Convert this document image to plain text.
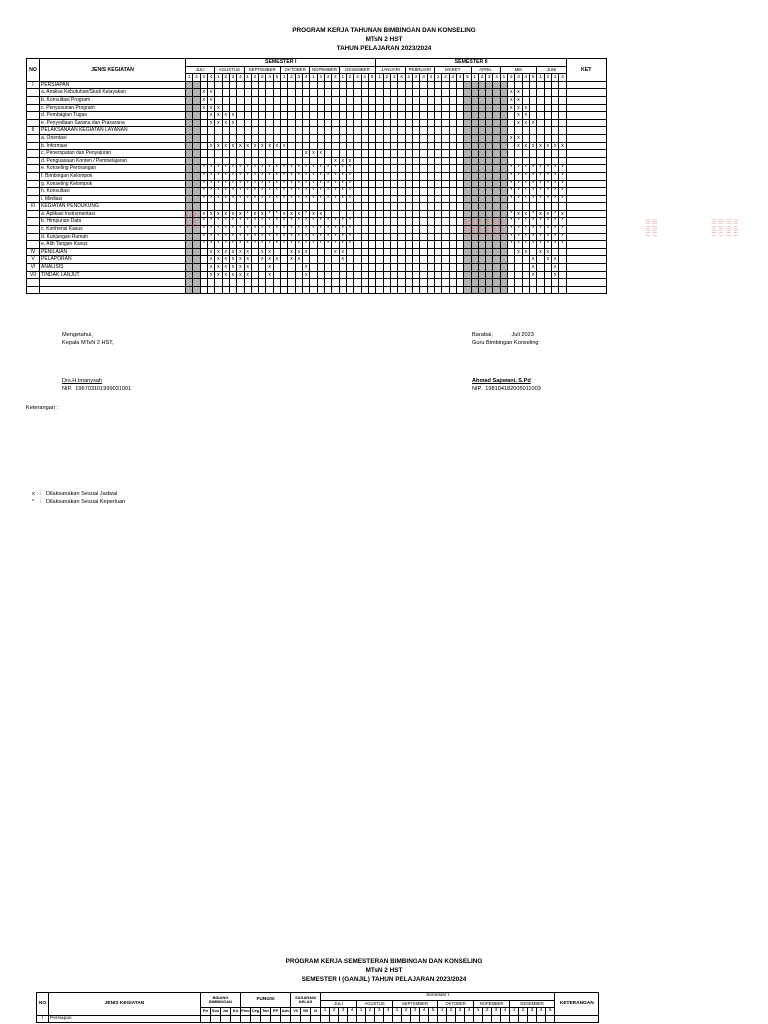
PROGRAM KERJA TAHUNAN BIMBINGAN DAN KONSELING
MTsN 2 HST
TAHUN PELAJARAN 2023/2024
NO	JENIS KEGIATAN	SEMESTER I																										SEMESTER II																										KET
		JULI				AGUSTUS				SEPTEMBER					OKTOBER				NOPEMBER				DESEMBER					JANUARI				PEBRUARI				MARET					APRIL				MEI					JUNI				
		1	2	3	4	1	2	3	4	1	2	3	4	5	1	2	3	4	1	2	3	4	1	2	3	4	5	1	2	3	4	1	2	3	4	1	2	3	4	5	1	2	3	4	1	2	3	4	5	1	2	3	4	
I	PERSIAPAN																																																					
	a. Analisa Kebutuhan/Studi Kelayakan			x	x																																									x	x							
	b. Konsultasi Program			x	x																																									x	x							
	c. Penyusunan Program			x	x	x																																								x	x	x						
	d. Pembagian Tugas				x	x	x	x																																							x	x						
	e. Penyediaan Sarana dan Prasarana				x	x	x	x																																							x	x	x					
II	PELAKSANAAN KEGIATAN LAYANAN																																																					
	a. Orientasi																																													x	x							
	b. Informasi				x	x	x	x	x	x	x	x	x	x	x																																x	x	x	x	x	x	x	
	c. Penempatan dan Penyaluran																	x	x	x																																		
	d. Penguasaan Konten / Pembelajaran																					x	x	x																														
	e. Konseling Perorangan			*	*	*	*	*	*	*	*	*	*	*	*	*	*	*	*	*	*	*	*	*																						*	*	*	*	*	*	*	*	
	f. Bimbingan Kelompok			*	*	*	*	*	*	*	*	*	*	*	*	*	*	*	*	*	*	*	*	*																						*	*	*	*	*	*	*	*	
	g. Konseling Kelompok			*	*	*	*	*	*	*	*	*	*	*	*	*	*	*	*	*	*	*	*	*																						*	*	*	*	*	*	*	*	
	h. Konsultasi			*	*	*	*	*	*	*	*	*	*	*	*	*	*	*	*	*	*	*	*	*																						*	*	*	*	*	*	*	*	
	i. Mediasi			*	*	*	*	*	*	*	*	*	*	*	*	*	*	*	*	*	*	*	*	*																						*	*	*	*	*	*	*	*	
III	KEGIATAN PENDUKUNG																																																					
	a. Aplikasi Instrumentasi			x	x	x	x	x	x	*	x	x	*	*	x	x	x	*	x	x																										*	x	x	*	x	x	*	x	
	b. Himpunan Data			*	*	*	*	*	*	*	*	*	*	*	*	*	*	*	*	*	*	*	*	*																						*	*	*	*	*	*	*	*	
	c. Konfrensi Kasus			*	*	*	*	*	*	*	*	*	*	*	*	*	*	*	*	*	*	*	*	*																						*	*	*	*	*	*	*	*	
	d. Kunjungan Rumah			*	*	*	*	*	*	*	*	*	*	*	*	*	*	*	*	*	*	*	*	*																						*	*	*	*	*	*	*	*	
	e. Alih Tangan Kasus			*	*	*	*	*	*	*	*	*	*	*	*	*	*	*	*	*	*	*	*	*																						*	*	*	*	*	*	*	*	
IV	PENILAIAN				x	x	x	x	x	x		x	x			x	x	x				x	x																								x	x		x	x			
V	PELAPORAN				x	x	x	x	x	x		x	x	x		x	x						x																										x		x	x		
VI	ANALISIS				x	x	x	x	x	x			x					x																															x			x		
VII	TINDAK LANJUT				x	x	x	x	x	x			x					x																															x			x		

││││││││ ││││││││	││││││││ ││││││││ ││││││││ ││││││││ ││││││││ ││││││││	││││││││ ││││││││	││││││││ ││││││││ ││││││││ ││││││││
Mengetahui,
Kepala MTsN 2 HST,
Barabai,            Juli 2023
Guru Bimbingan Konseling
Drs.H.Imanysah
NIP.  196703101999031001
Ahmad Sapwani, S.Pd
NIP.  198104182005011003
Keterangan :
x : Dilaksanakan Sesuai Jadwal
* : Dilaksanakan Sesuai Keperluan
PROGRAM KERJA SEMESTERAN BIMBINGAN DAN KONSELING
MTsN 2 HST
SEMESTER I (GANJIL) TAHUN PELAJARAN 2023/2024
NO	JENIS KEGIATAN	BIDANG BIMBINGAN				FUNGSI					SASARAN/ KELAS			Semester I																										KETERANGAN
														JULI				AGUSTUS				SEPTEMBER					OKTOBER				NOPEMBER				DESEMBER					
		Pri	Sos	Jar	Kir	Pem	Ceg	Tan	PP	Adv	VII	VIII	IX	1	2	3	4	1	2	3	4	1	2	3	4	5	1	2	3	4	1	2	3	4	1	2	3	4	5	
I	Persiapan																																							
